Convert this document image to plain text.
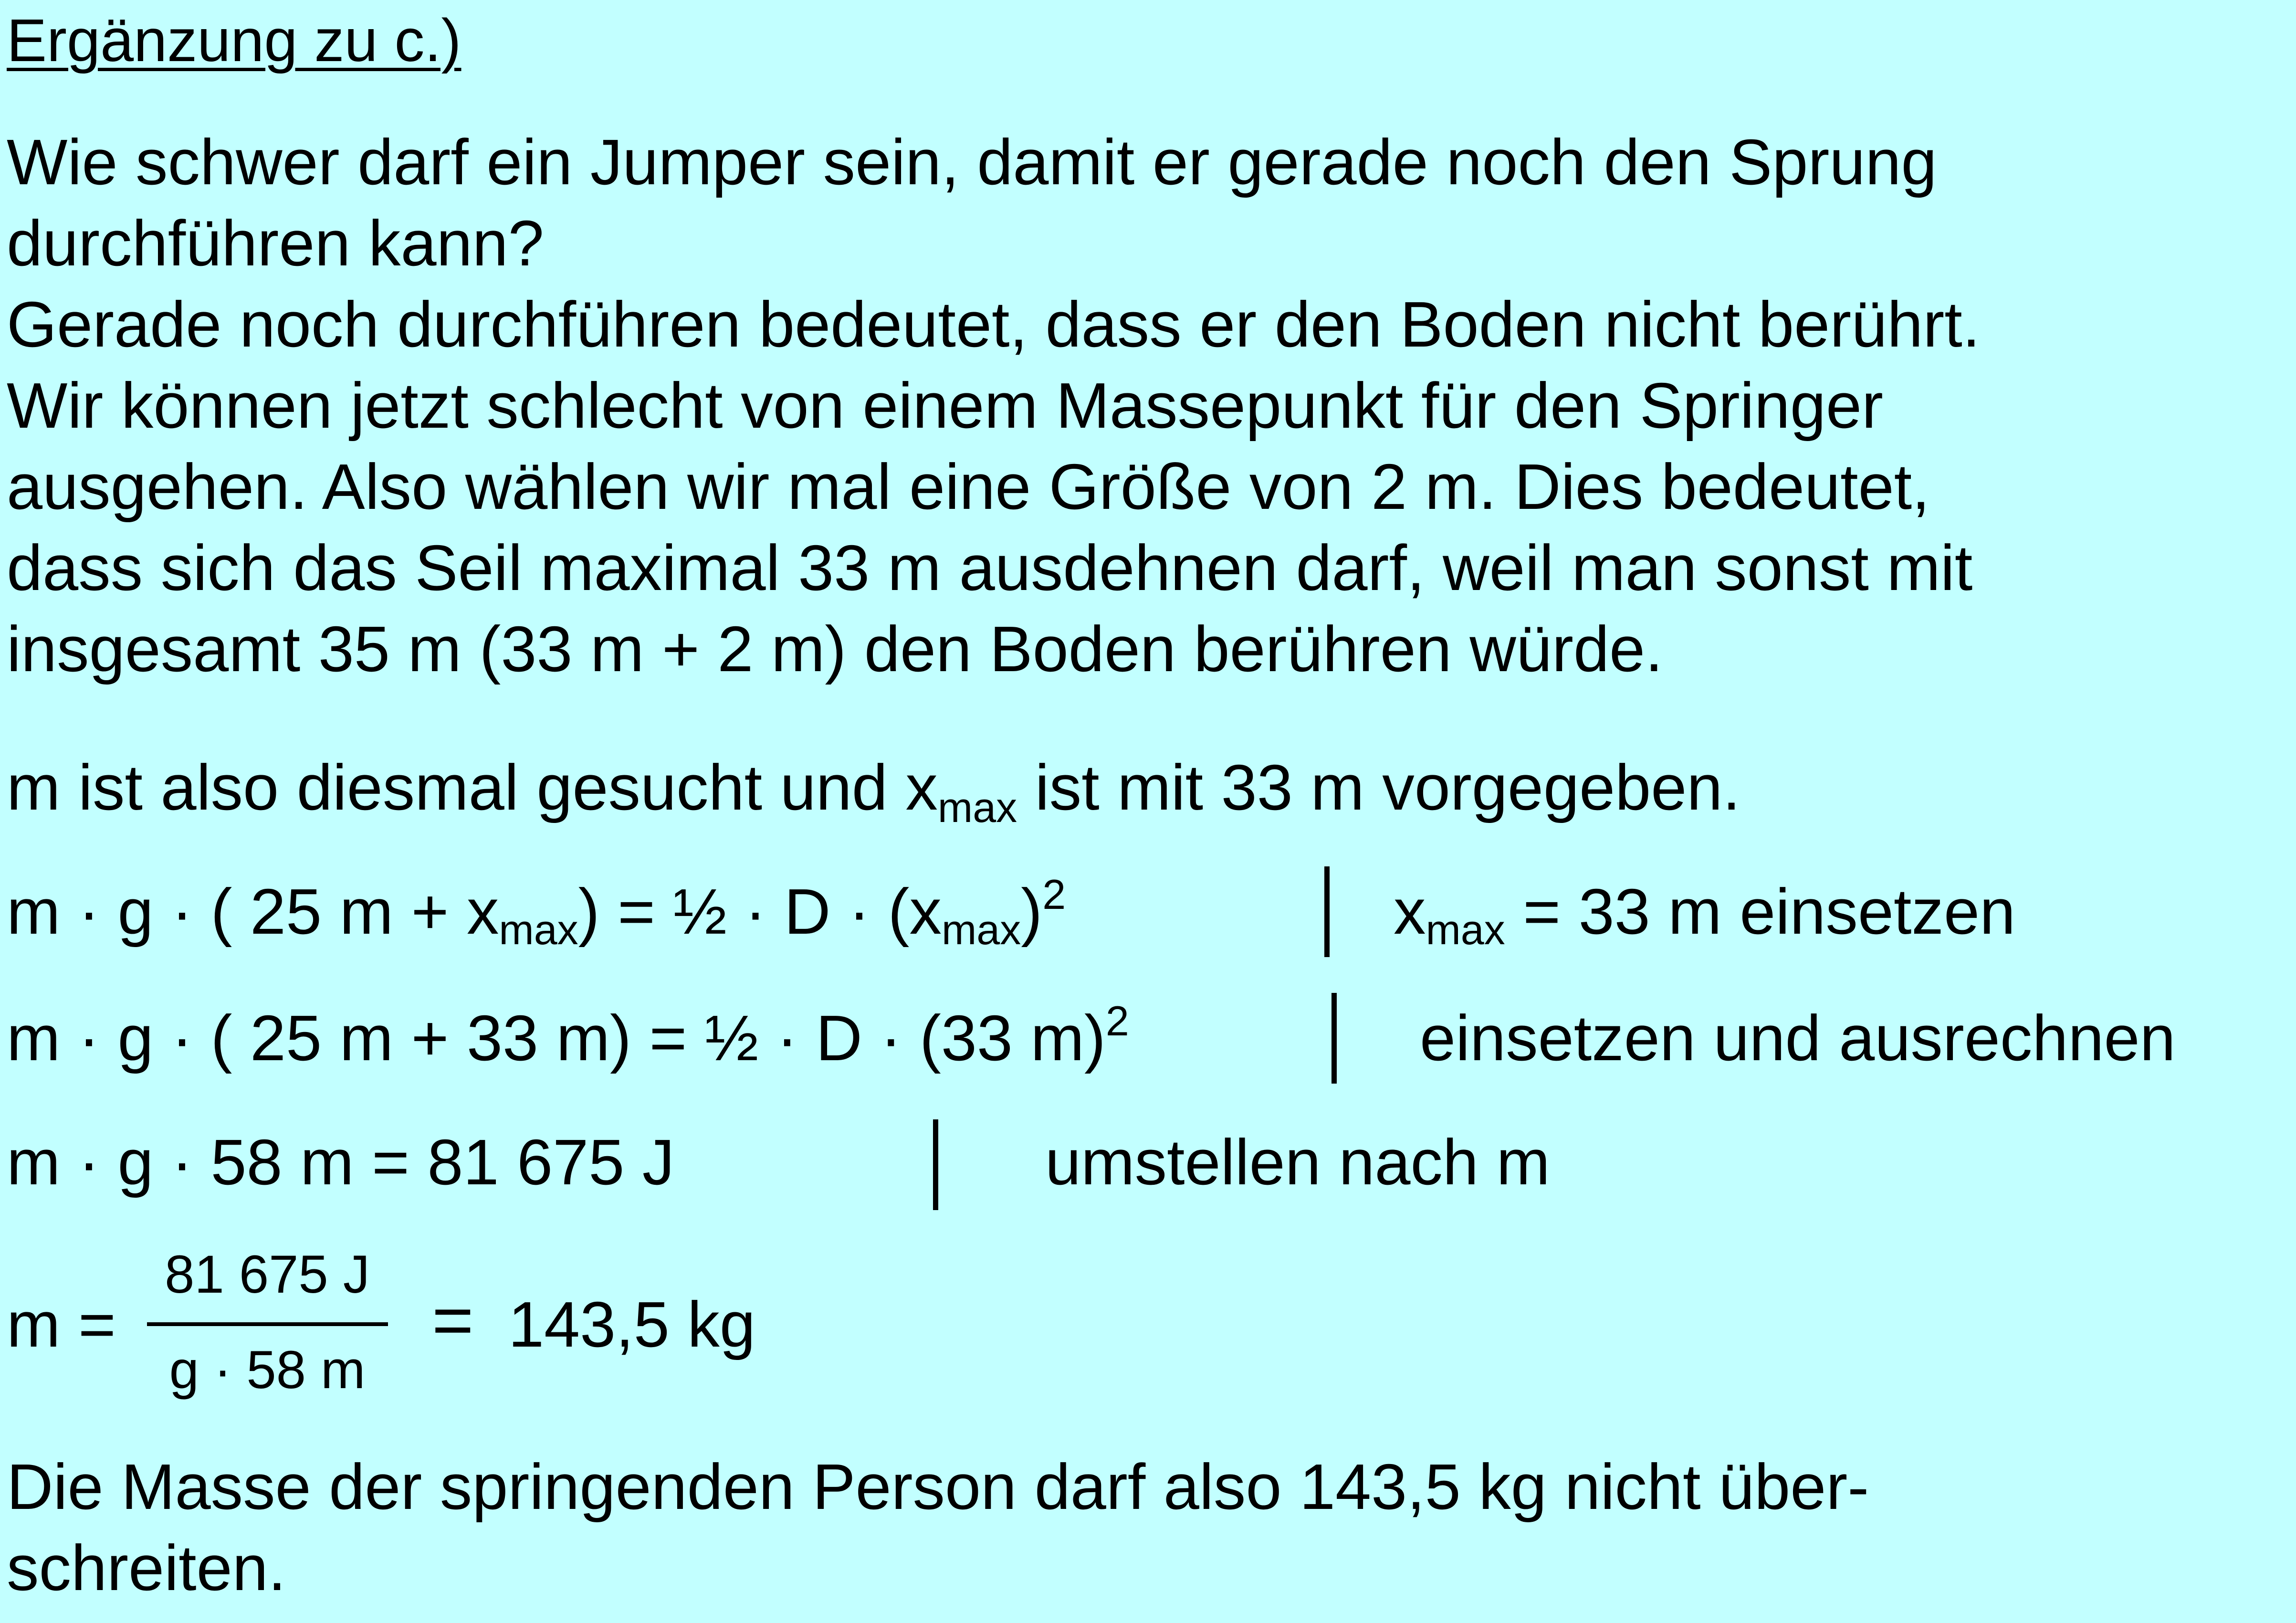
Ergänzung zu c.)
Wie schwer darf ein Jumper sein, damit er gerade noch den Sprung
durchführen kann?
Gerade noch durchführen bedeutet, dass er den Boden nicht berührt.
Wir können jetzt schlecht von einem Massepunkt für den Springer
ausgehen. Also wählen wir mal eine Größe von 2 m. Dies bedeutet,
dass sich das Seil maximal 33 m ausdehnen darf, weil man sonst mit
insgesamt 35 m (33 m + 2 m) den Boden berühren würde.
m ist also diesmal gesucht und xmax ist mit 33 m vorgegeben.
m · g · ( 25 m + xmax) = ½ · $D \cdot (xmax)^2$	xmax = 33 m einsetzen
m · g · ( 25 m + 33 m) = ½ · D · (33 m)$^2$	einsetzen und ausrechnen
m · g · 58 m = 81 675 J	umstellen nach m
m =
81 675 J
g · 58 m
= 143,5 kg
Die Masse der springenden Person darf also 143,5 kg nicht über-
schreiten.
